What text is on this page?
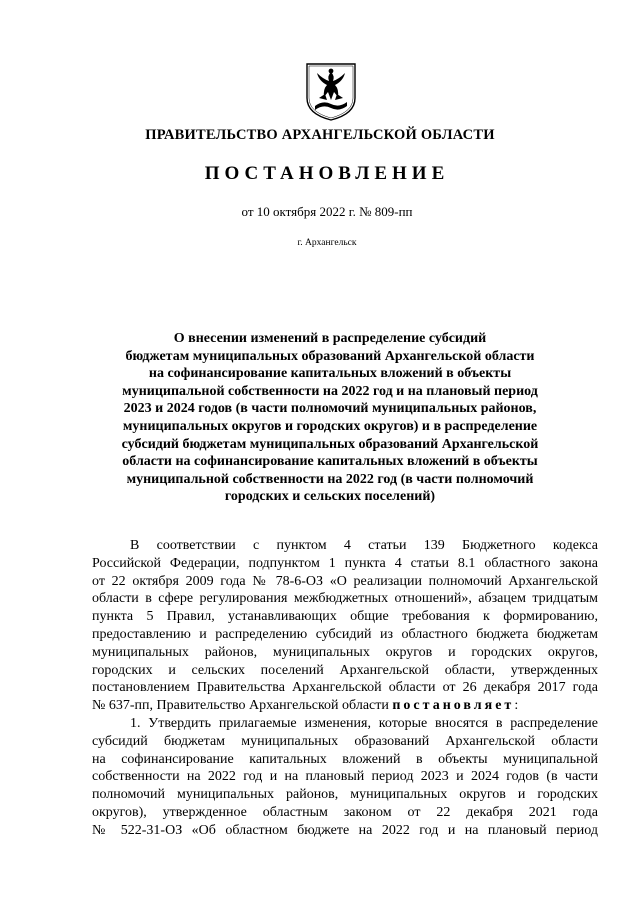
ПРАВИТЕЛЬСТВО АРХАНГЕЛЬСКОЙ ОБЛАСТИ
ПОСТАНОВЛЕНИЕ
от 10 октября 2022 г. № 809-пп
г. Архангельск
О внесении изменений в распределение субсидий
бюджетам муниципальных образований Архангельской области
на софинансирование капитальных вложений в объекты
муниципальной собственности на 2022 год и на плановый период
2023 и 2024 годов (в части полномочий муниципальных районов,
муниципальных округов и городских округов) и в распределение
субсидий бюджетам муниципальных образований Архангельской
области на софинансирование капитальных вложений в объекты
муниципальной собственности на 2022 год (в части полномочий
городских и сельских поселений)
В соответствии с пунктом 4 статьи 139 Бюджетного кодекса
Российской Федерации, подпунктом 1 пункта 4 статьи 8.1 областного закона
от 22 октября 2009 года № 78-6-ОЗ «О реализации полномочий Архангельской
области в сфере регулирования межбюджетных отношений», абзацем тридцатым
пункта 5 Правил, устанавливающих общие требования к формированию,
предоставлению и распределению субсидий из областного бюджета бюджетам
муниципальных районов, муниципальных округов и городских округов,
городских и сельских поселений Архангельской области, утвержденных
постановлением Правительства Архангельской области от 26 декабря 2017 года
№ 637-пп, Правительство Архангельской области постановляет:
1. Утвердить прилагаемые изменения, которые вносятся в распределение
субсидий бюджетам муниципальных образований Архангельской области
на софинансирование капитальных вложений в объекты муниципальной
собственности на 2022 год и на плановый период 2023 и 2024 годов (в части
полномочий муниципальных районов, муниципальных округов и городских
округов), утвержденное областным законом от 22 декабря 2021 года
№ 522-31-ОЗ «Об областном бюджете на 2022 год и на плановый период
